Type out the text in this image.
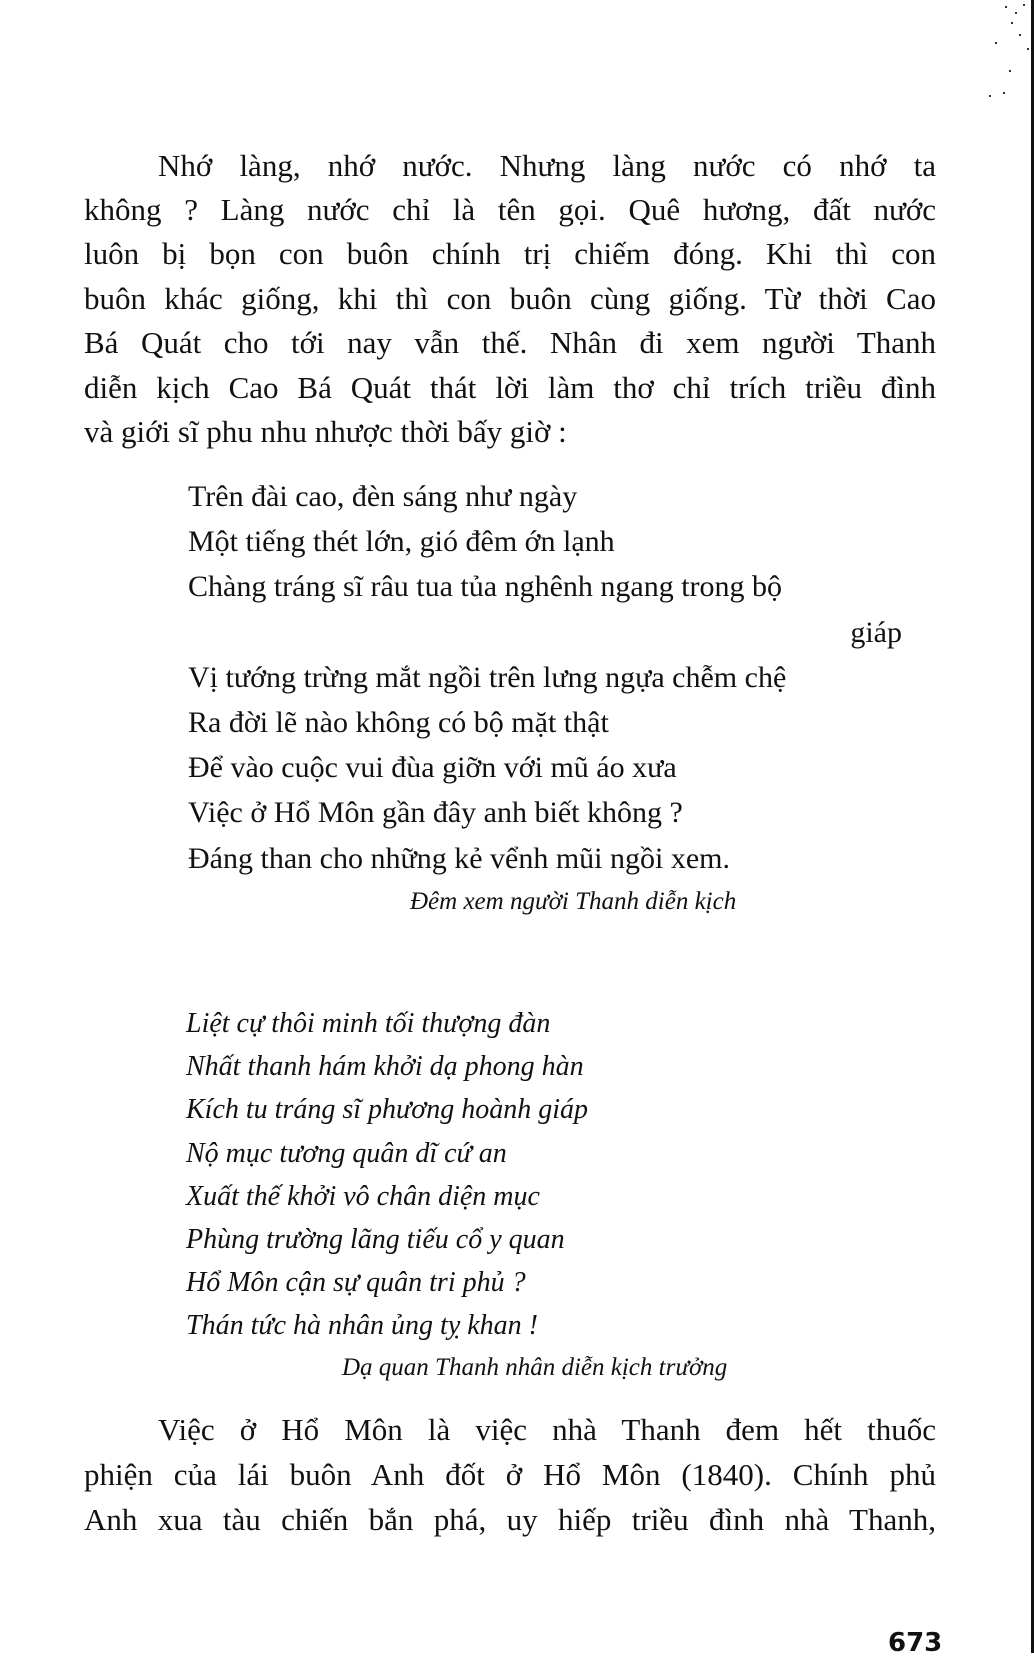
Nhớ làng, nhớ nước. Nhưng làng nước có nhớ ta
không ? Làng nước chỉ là tên gọi. Quê hương, đất nước
luôn bị bọn con buôn chính trị chiếm đóng. Khi thì con
buôn khác giống, khi thì con buôn cùng giống. Từ thời Cao
Bá Quát cho tới nay vẫn thế. Nhân đi xem người Thanh
diễn kịch Cao Bá Quát thát lời làm thơ chỉ trích triều đình
và giới sĩ phu nhu nhược thời bấy giờ :
Trên đài cao, đèn sáng như ngày
Một tiếng thét lớn, gió đêm ớn lạnh
Chàng tráng sĩ râu tua tủa nghênh ngang trong bộ
giáp
Vị tướng trừng mắt ngồi trên lưng ngựa chễm chệ
Ra đời lẽ nào không có bộ mặt thật
Để vào cuộc vui đùa giỡn với mũ áo xưa
Việc ở Hổ Môn gần đây anh biết không ?
Đáng than cho những kẻ vểnh mũi ngồi xem.
Đêm xem người Thanh diễn kịch
Liệt cự thôi minh tối thượng đàn
Nhất thanh hám khởi dạ phong hàn
Kích tu tráng sĩ phương hoành giáp
Nộ mục tương quân dĩ cứ an
Xuất thế khởi vô chân diện mục
Phùng trường lãng tiếu cổ y quan
Hổ Môn cận sự quân tri phủ ?
Thán tức hà nhân ủng tỵ khan !
Dạ quan Thanh nhân diễn kịch trưởng
Việc ở Hổ Môn là việc nhà Thanh đem hết thuốc
phiện của lái buôn Anh đốt ở Hổ Môn (1840). Chính phủ
Anh xua tàu chiến bắn phá, uy hiếp triều đình nhà Thanh,
673
